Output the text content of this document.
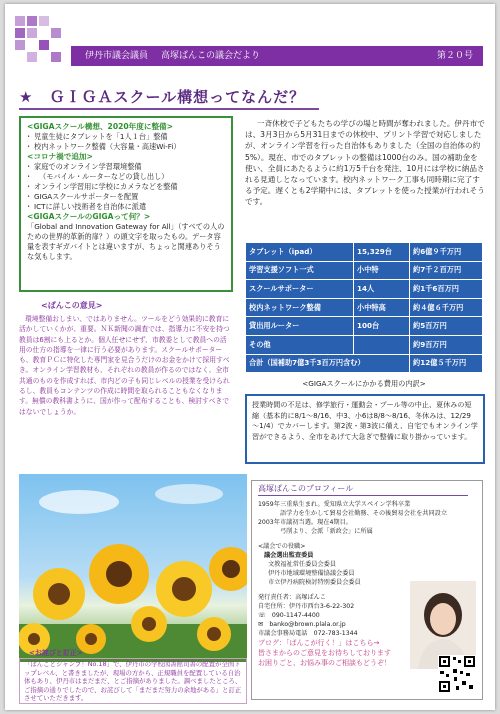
伊丹市議会議員 高塚ぱんこの議会だより	第２０号
★　ＧＩＧＡスクール構想ってなんだ？
<GIGAスクール構想、2020年度に整備>
・ 児童生徒にタブレットを「1人１台」整備
・ 校内ネットワーク整備（大容量・高速Wi-Fi）
<コロナ禍で追加>
・ 家庭でのオンライン学習環境整備
・ （モバイル・ルーターなどの貸し出し）
・ オンライン学習用に学校にカメラなどを整備
・ GIGAスクールサポーターを配置
・ ICTに詳しい技術者を自治体に派遣
<GIGAスクールのGIGAって何？>
「Global and Innovation Gateway for All」（すべての人のための世界的革新的扉？）の頭文字を取ったもの。データ容量を表すギガバイトとは違いますが、ちょっと関連ありそうな気もします。
一斉休校で子どもたちの学びの場と時間が奪われました。伊丹市では、3月3日から5月31日までの休校中、プリント学習で対応しましたが、オンライン学習を行った自治体もありました（全国の自治体の約5%）。現在、市でのタブレットの整備は1000台のみ。国の補助金を使い、全員にあたるように約1万5千台を発注、10月には学校に納品される見通しとなっています。校内ネットワーク工事も同時期に完了する予定。遅くとも2学期中には、タブレットを使った授業が行われそうです。
タブレット（ipad）	15,329台	約6億９千万円
学習支援ソフト一式	小中特	約7千２百万円
スクールサポーター	14人	約1千6百万円
校内ネットワーク整備	小中特高	約４億６千万円
貸出用ルーター	100台	約5百万円
その他		約9百万円
合計（国補助7億3千3百万円含む）		約12億５千万円
<GIGAスクールにかかる費用の内訳>
<ぱんこの意見>
環境整備おしまい、ではありません。ツールをどう効果的に教育に活かしていくかが、重要。ＮＫ新聞の調査では、指導力に不安を持つ教員は6割にも上るとか。個人任せにせず、市教委として教員への活用の仕方の指導を一律に行う必要があります。スクールサポーターも、教育ＰＣに特化した専門家を見合うだけのお金をかけて採用すべき。オンライン学習教材も、それぞれの教員が作るのではなく、全市共通のものを作成すれば、市内どの子も同じレベルの授業を受けられるし、教員もコンテンツの作成に時間を取られることもなくなります。無償の教科書ように、国が作って配布することも、検討すべきではないでしょうか。
授業時間の不足は、修学旅行・運動会・プール等の中止、夏休みの短縮（基本的に8/1～8/16、中3、小6は8/8～8/16、冬休みは、12/29～1/4）でカバーします。第2波・第3波に備え、自宅でもオンライン学習ができるよう、全市をあげて大急ぎで整備に取り掛かっています。
高塚ぱんこのプロフィール
1959年 三重県生まれ。愛知県立大学スペイン学科卒業
語学力を生かして貿易会社勤務、その後貿易会社を共同設立
2003年 市議初当選。現在4期目。
弓削より、会派「新政会」に所属
<議会での役職>
議会選出監査委員
文教福祉常任委員会委員
伊丹市地域環境整備協議会委員
市立伊丹病院検討特別委員会委員
発行責任者：高塚ぱんこ
自宅住所：伊丹市西台3-6-22-302
☏　090-1147-4400
✉　banko@brown.plala.or.jp
市議会事務局電話　072-783-1344
ブログ：「ぱんこが行く！」はこちら→
皆さまからのご意見をお待ちしております
お困りごと、お悩み事のご相談もどうぞ！
<お詫びと訂正>
「ぱんことジャンプ！No.18」で、伊丹市の学校図書館司書の配置が全国トップレベル、と書きましたが、現場の方から、正規職員を配置している自治体もあり、伊丹市はまだまだ、とご指摘がありました。調べましたところ、ご指摘の通りでしたので、お詫びして「まだまだ努力の余地がある」と訂正させていただきます。
